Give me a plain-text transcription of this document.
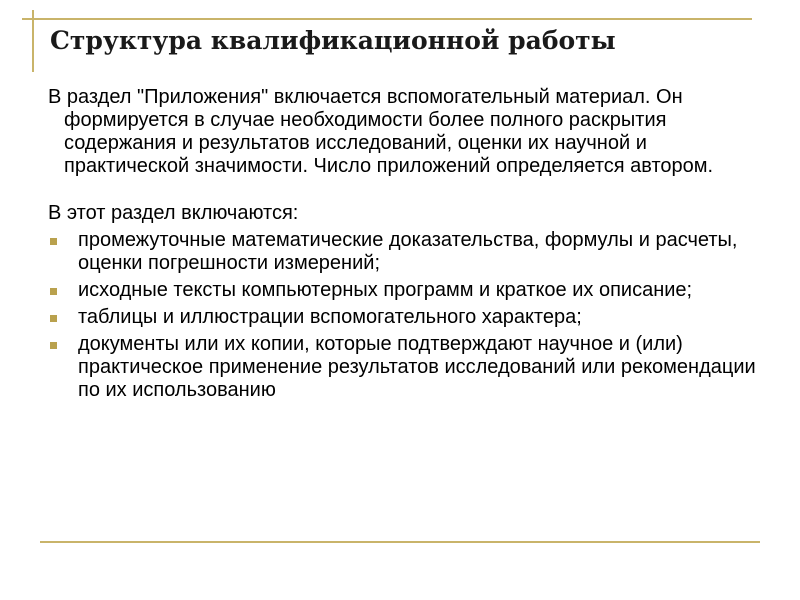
Структура квалификационной работы

В раздел "Приложения" включается вспомогательный материал. Он формируется в случае необходимости более полного раскрытия содержания и результатов исследований, оценки их научной и практической значимости. Число приложений определяется автором.

В этот раздел включаются:

промежуточные математические доказательства, формулы и расчеты, оценки погрешности измерений;
исходные тексты компьютерных программ и краткое их описание;
таблицы и иллюстрации вспомогательного характера;
документы или их копии, которые подтверждают научное и (или) практическое применение результатов исследований или рекомендации по их использованию
